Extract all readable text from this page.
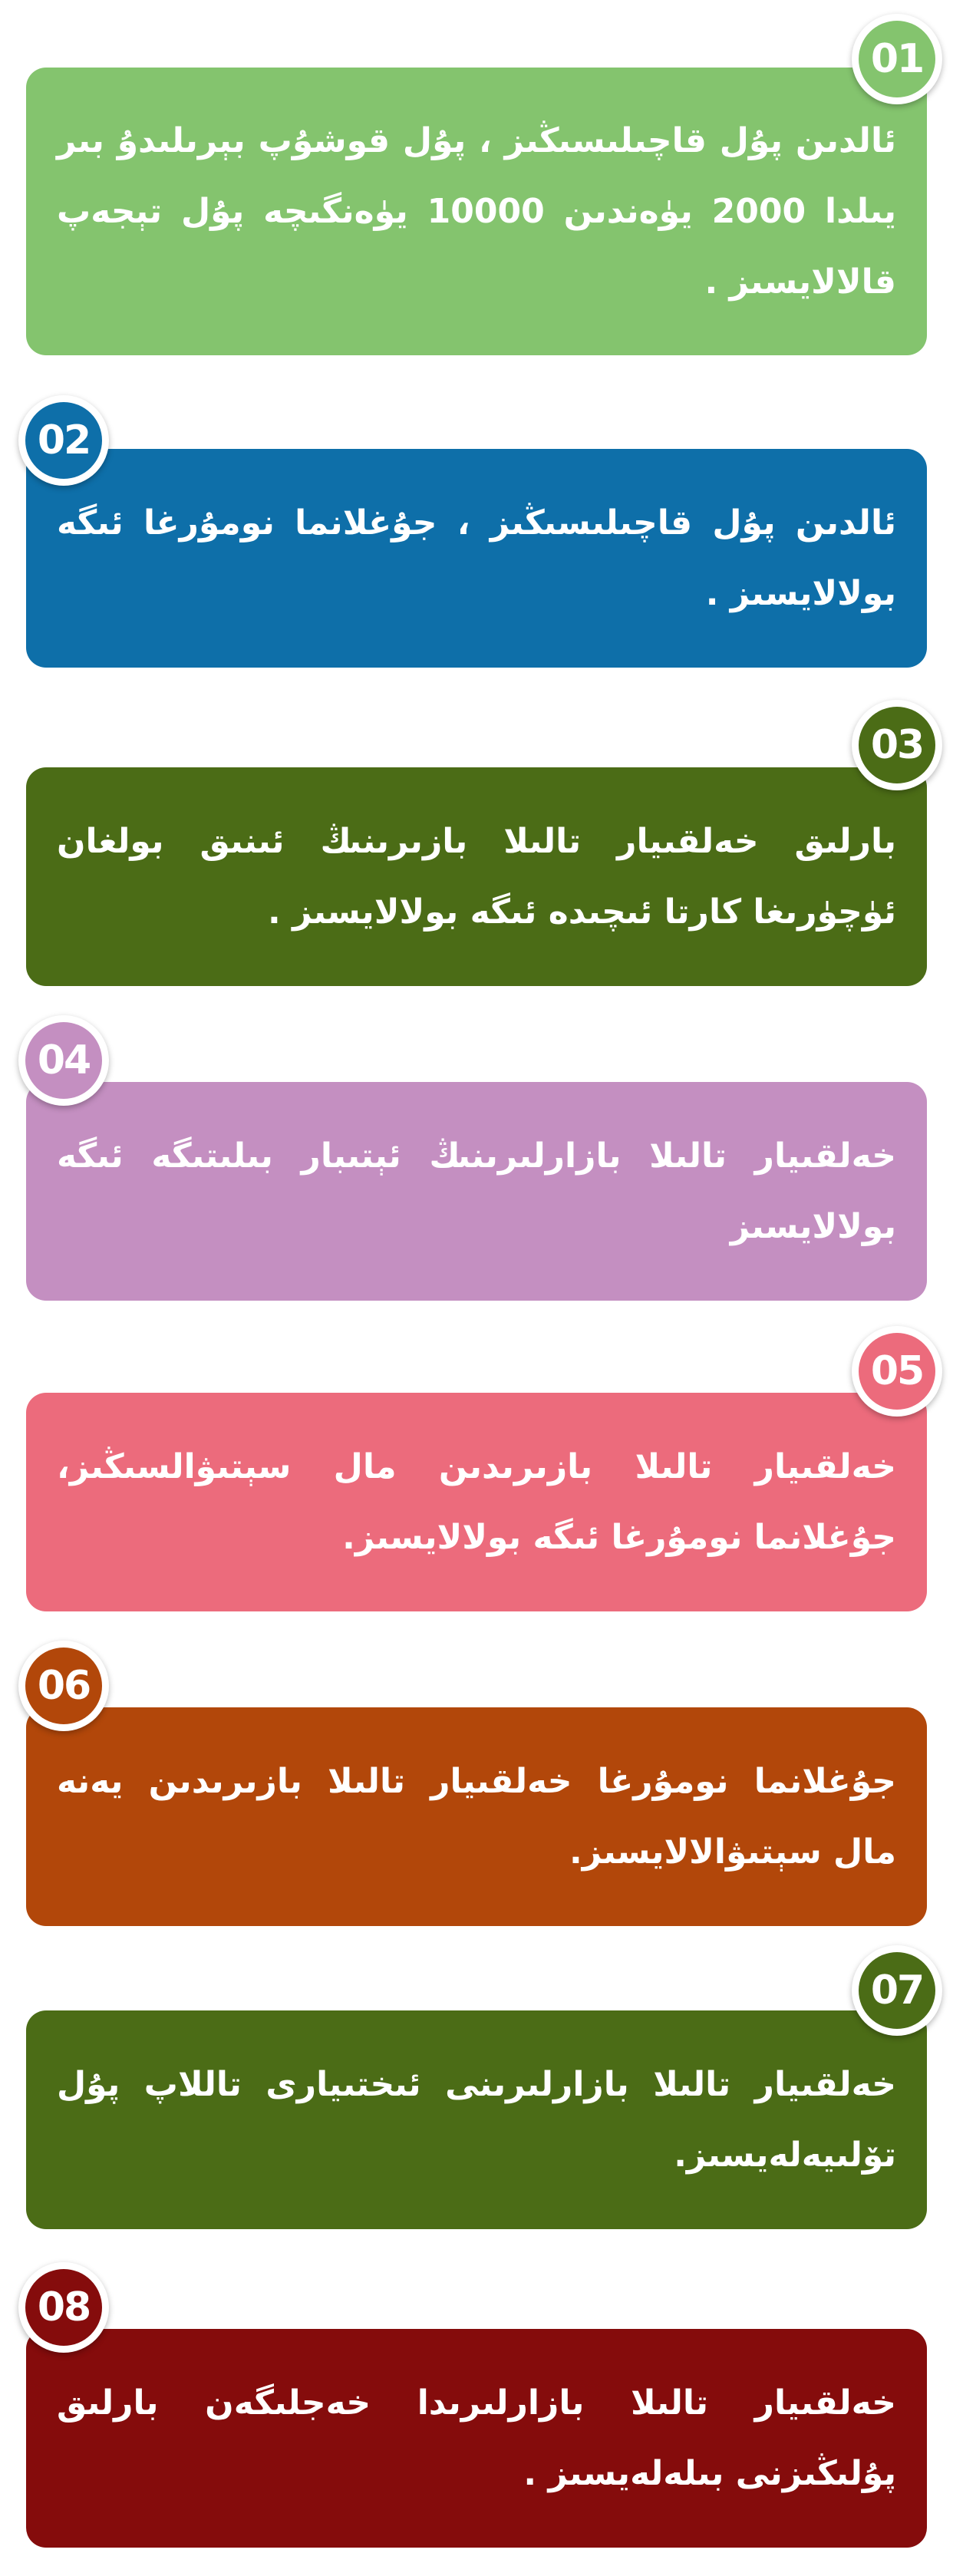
ئالدىن پۇل قاچىلىسىڭىز ، پۇل قوشۇپ بېرىلىدۇ بىر يىلدا 2000 يۈەندىن 10000 يۈەنگىچە پۇل تېجەپ قالالايسىز .

01

ئالدىن پۇل قاچىلىسىڭىز ، جۇغلانما نومۇرغا ئىگە بولالايسىز .

02

بارلىق خەلقىيار تالىلا بازىرىنىڭ ئىنىق بولغان ئۈچۈرىغا كارتا ئىچىدە ئىگە بولالايسىز .

03

خەلقىيار تالىلا بازارلىرىنىڭ ئېتىبار بىلىتىگە ئىگە بولالايسىز

04

خەلقىيار تالىلا بازىرىدىن مال سېتىۋالسىڭىز، جۇغلانما نومۇرغا ئىگە بولالايسىز.

05

جۇغلانما نومۇرغا خەلقىيار تالىلا بازىرىدىن يەنە مال سېتىۋالالايسىز.

06

خەلقىيار تالىلا بازارلىرىنى ئىختىيارى تاللاپ پۇل تۆلىيەلەيسىز.

07

خەلقىيار تالىلا بازارلىرىدا خەجلىگەن بارلىق پۇلىڭىزنى بىلەلەيسىز .

08
